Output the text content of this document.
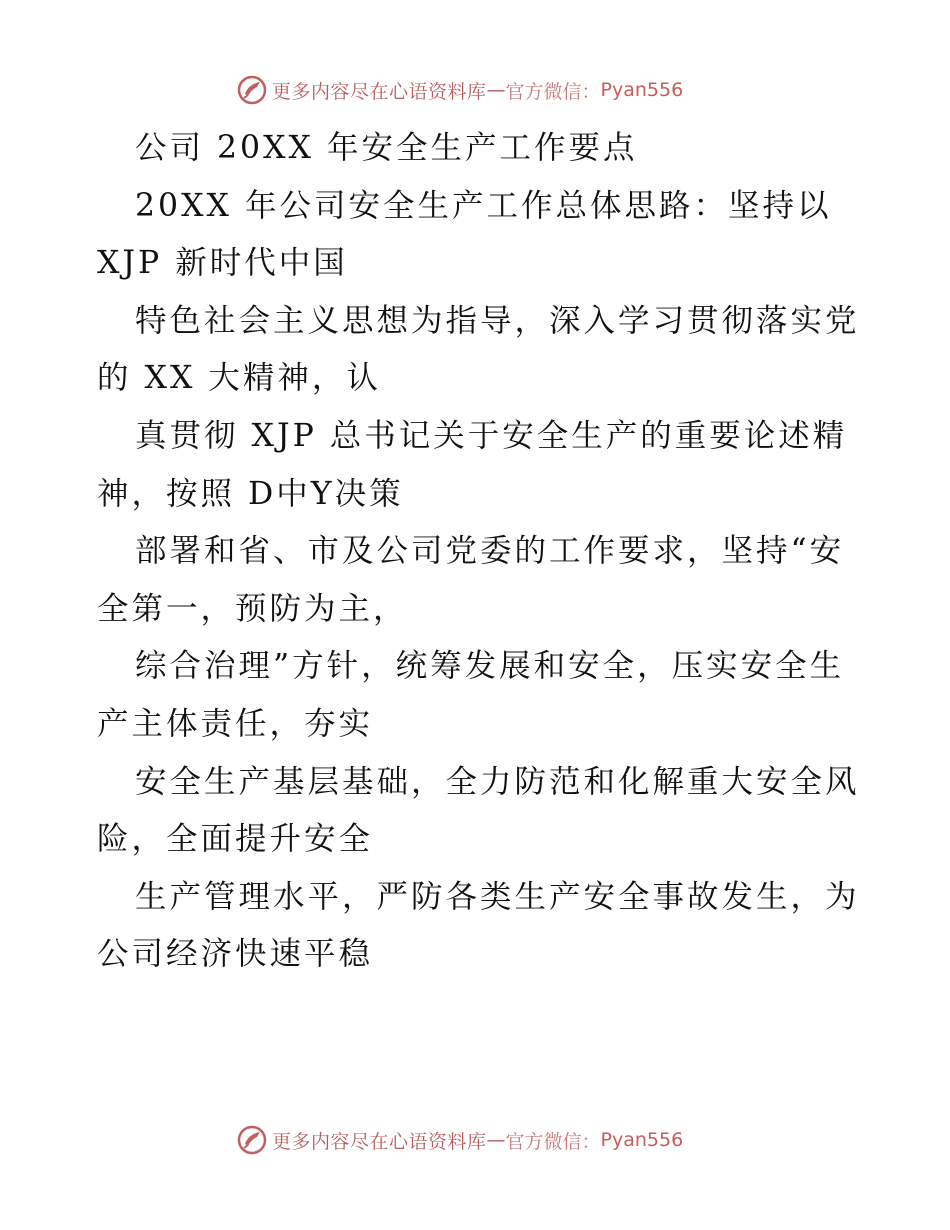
更多内容尽在心语资料库 — 官方微信： Pyan556
公司 20XX 年安全生产工作要点
20XX 年公司安全生产工作总体思路：坚持以
XJP 新时代中国
特色社会主义思想为指导，深入学习贯彻落实党
的 XX 大精神，认
真贯彻 XJP 总书记关于安全生产的重要论述精
神，按照 D中Y决策
部署和省、市及公司党委的工作要求，坚持“安
全第一，预防为主，
综合治理”方针，统筹发展和安全，压实安全生
产主体责任，夯实
安全生产基层基础，全力防范和化解重大安全风
险，全面提升安全
生产管理水平，严防各类生产安全事故发生，为
公司经济快速平稳
更多内容尽在心语资料库 — 官方微信： Pyan556
